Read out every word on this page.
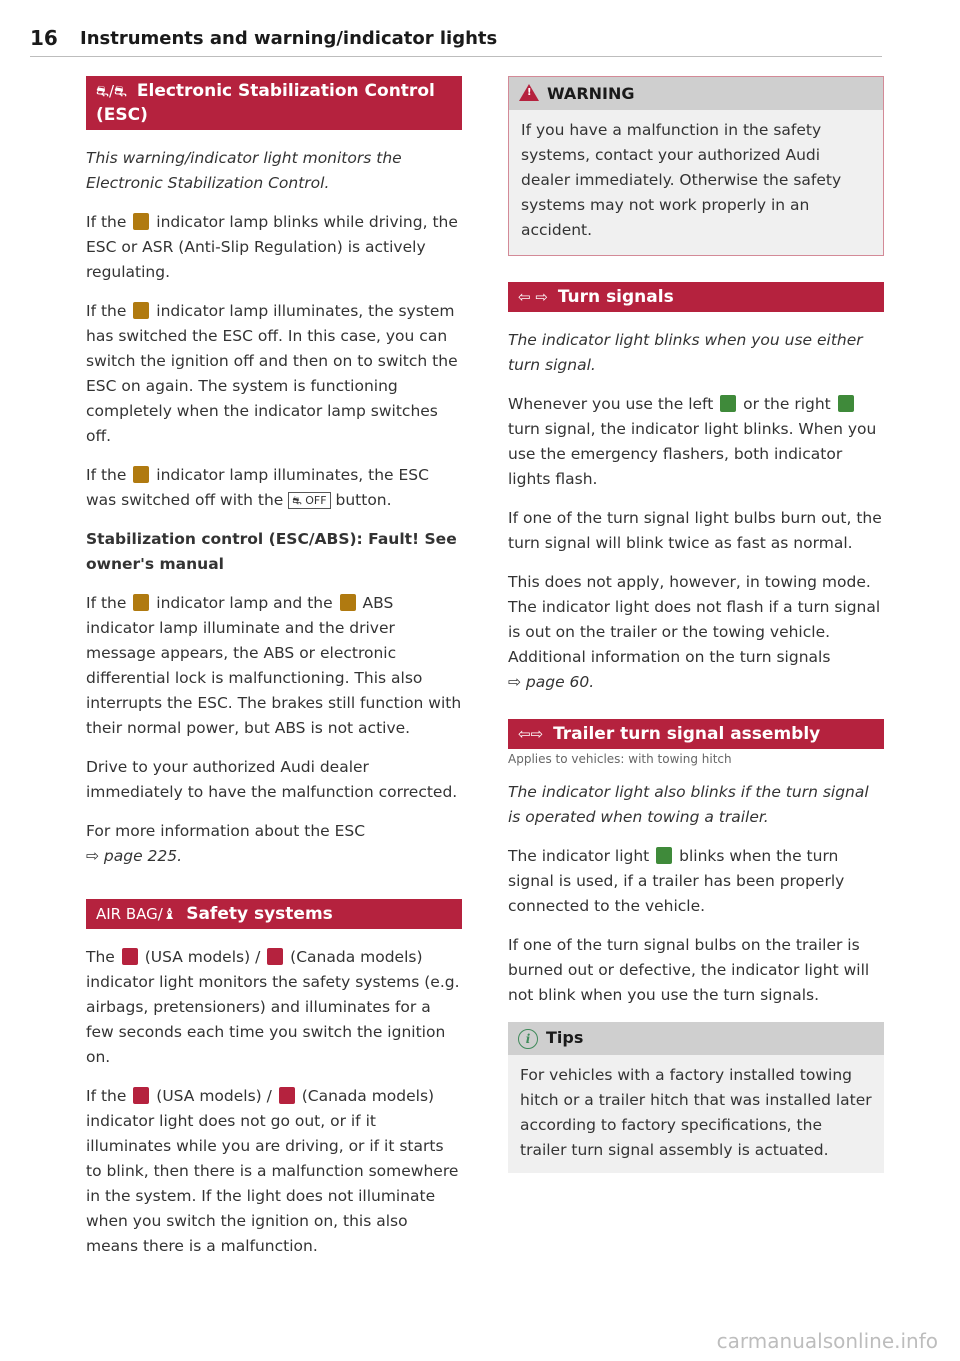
16 Instruments and warning/indicator lights
⛐/⛐ Electronic Stabilization Control (ESC)

This warning/indicator light monitors the Electronic Stabilization Control.

If the indicator lamp blinks while driving, the ESC or ASR (Anti-Slip Regulation) is actively regulating.

If the indicator lamp illuminates, the system has switched the ESC off. In this case, you can switch the ignition off and then on to switch the ESC on again. The system is functioning completely when the indicator lamp switches off.

If the indicator lamp illuminates, the ESC was switched off with the ⛐ OFF button.

Stabilization control (ESC/ABS): Fault! See owner's manual

If the indicator lamp and the ABS indicator lamp illuminate and the driver message appears, the ABS or electronic differential lock is malfunctioning. This also interrupts the ESC. The brakes still function with their normal power, but ABS is not active.

Drive to your authorized Audi dealer immediately to have the malfunction corrected.

For more information about the ESC
⇨ page 225.

AIR BAG/♝ Safety systems

The (USA models) / (Canada models) indicator light monitors the safety systems (e.g. airbags, pretensioners) and illuminates for a few seconds each time you switch the ignition on.

If the (USA models) / (Canada models) indicator light does not go out, or if it illuminates while you are driving, or if it starts to blink, then there is a malfunction somewhere in the system. If the light does not illuminate when you switch the ignition on, this also means there is a malfunction.

!WARNING

If you have a malfunction in the safety systems, contact your authorized Audi dealer immediately. Otherwise the safety systems may not work properly in an accident.

⇦ ⇨ Turn signals

The indicator light blinks when you use either turn signal.

Whenever you use the left or the right  turn signal, the indicator light blinks. When you use the emergency flashers, both indicator lights flash.

If one of the turn signal light bulbs burn out, the turn signal will blink twice as fast as normal.

This does not apply, however, in towing mode. The indicator light does not flash if a turn signal is out on the trailer or the towing vehicle. Additional information on the turn signals
⇨ page 60.

⇦⇨ Trailer turn signal assembly
Applies to vehicles: with towing hitch

The indicator light also blinks if the turn signal is operated when towing a trailer.

The indicator light blinks when the turn signal is used, if a trailer has been properly connected to the vehicle.

If one of the turn signal bulbs on the trailer is burned out or defective, the indicator light will not blink when you use the turn signals.

i Tips

For vehicles with a factory installed towing hitch or a trailer hitch that was installed later according to factory specifications, the trailer turn signal assembly is actuated.

carmanualsonline.info
